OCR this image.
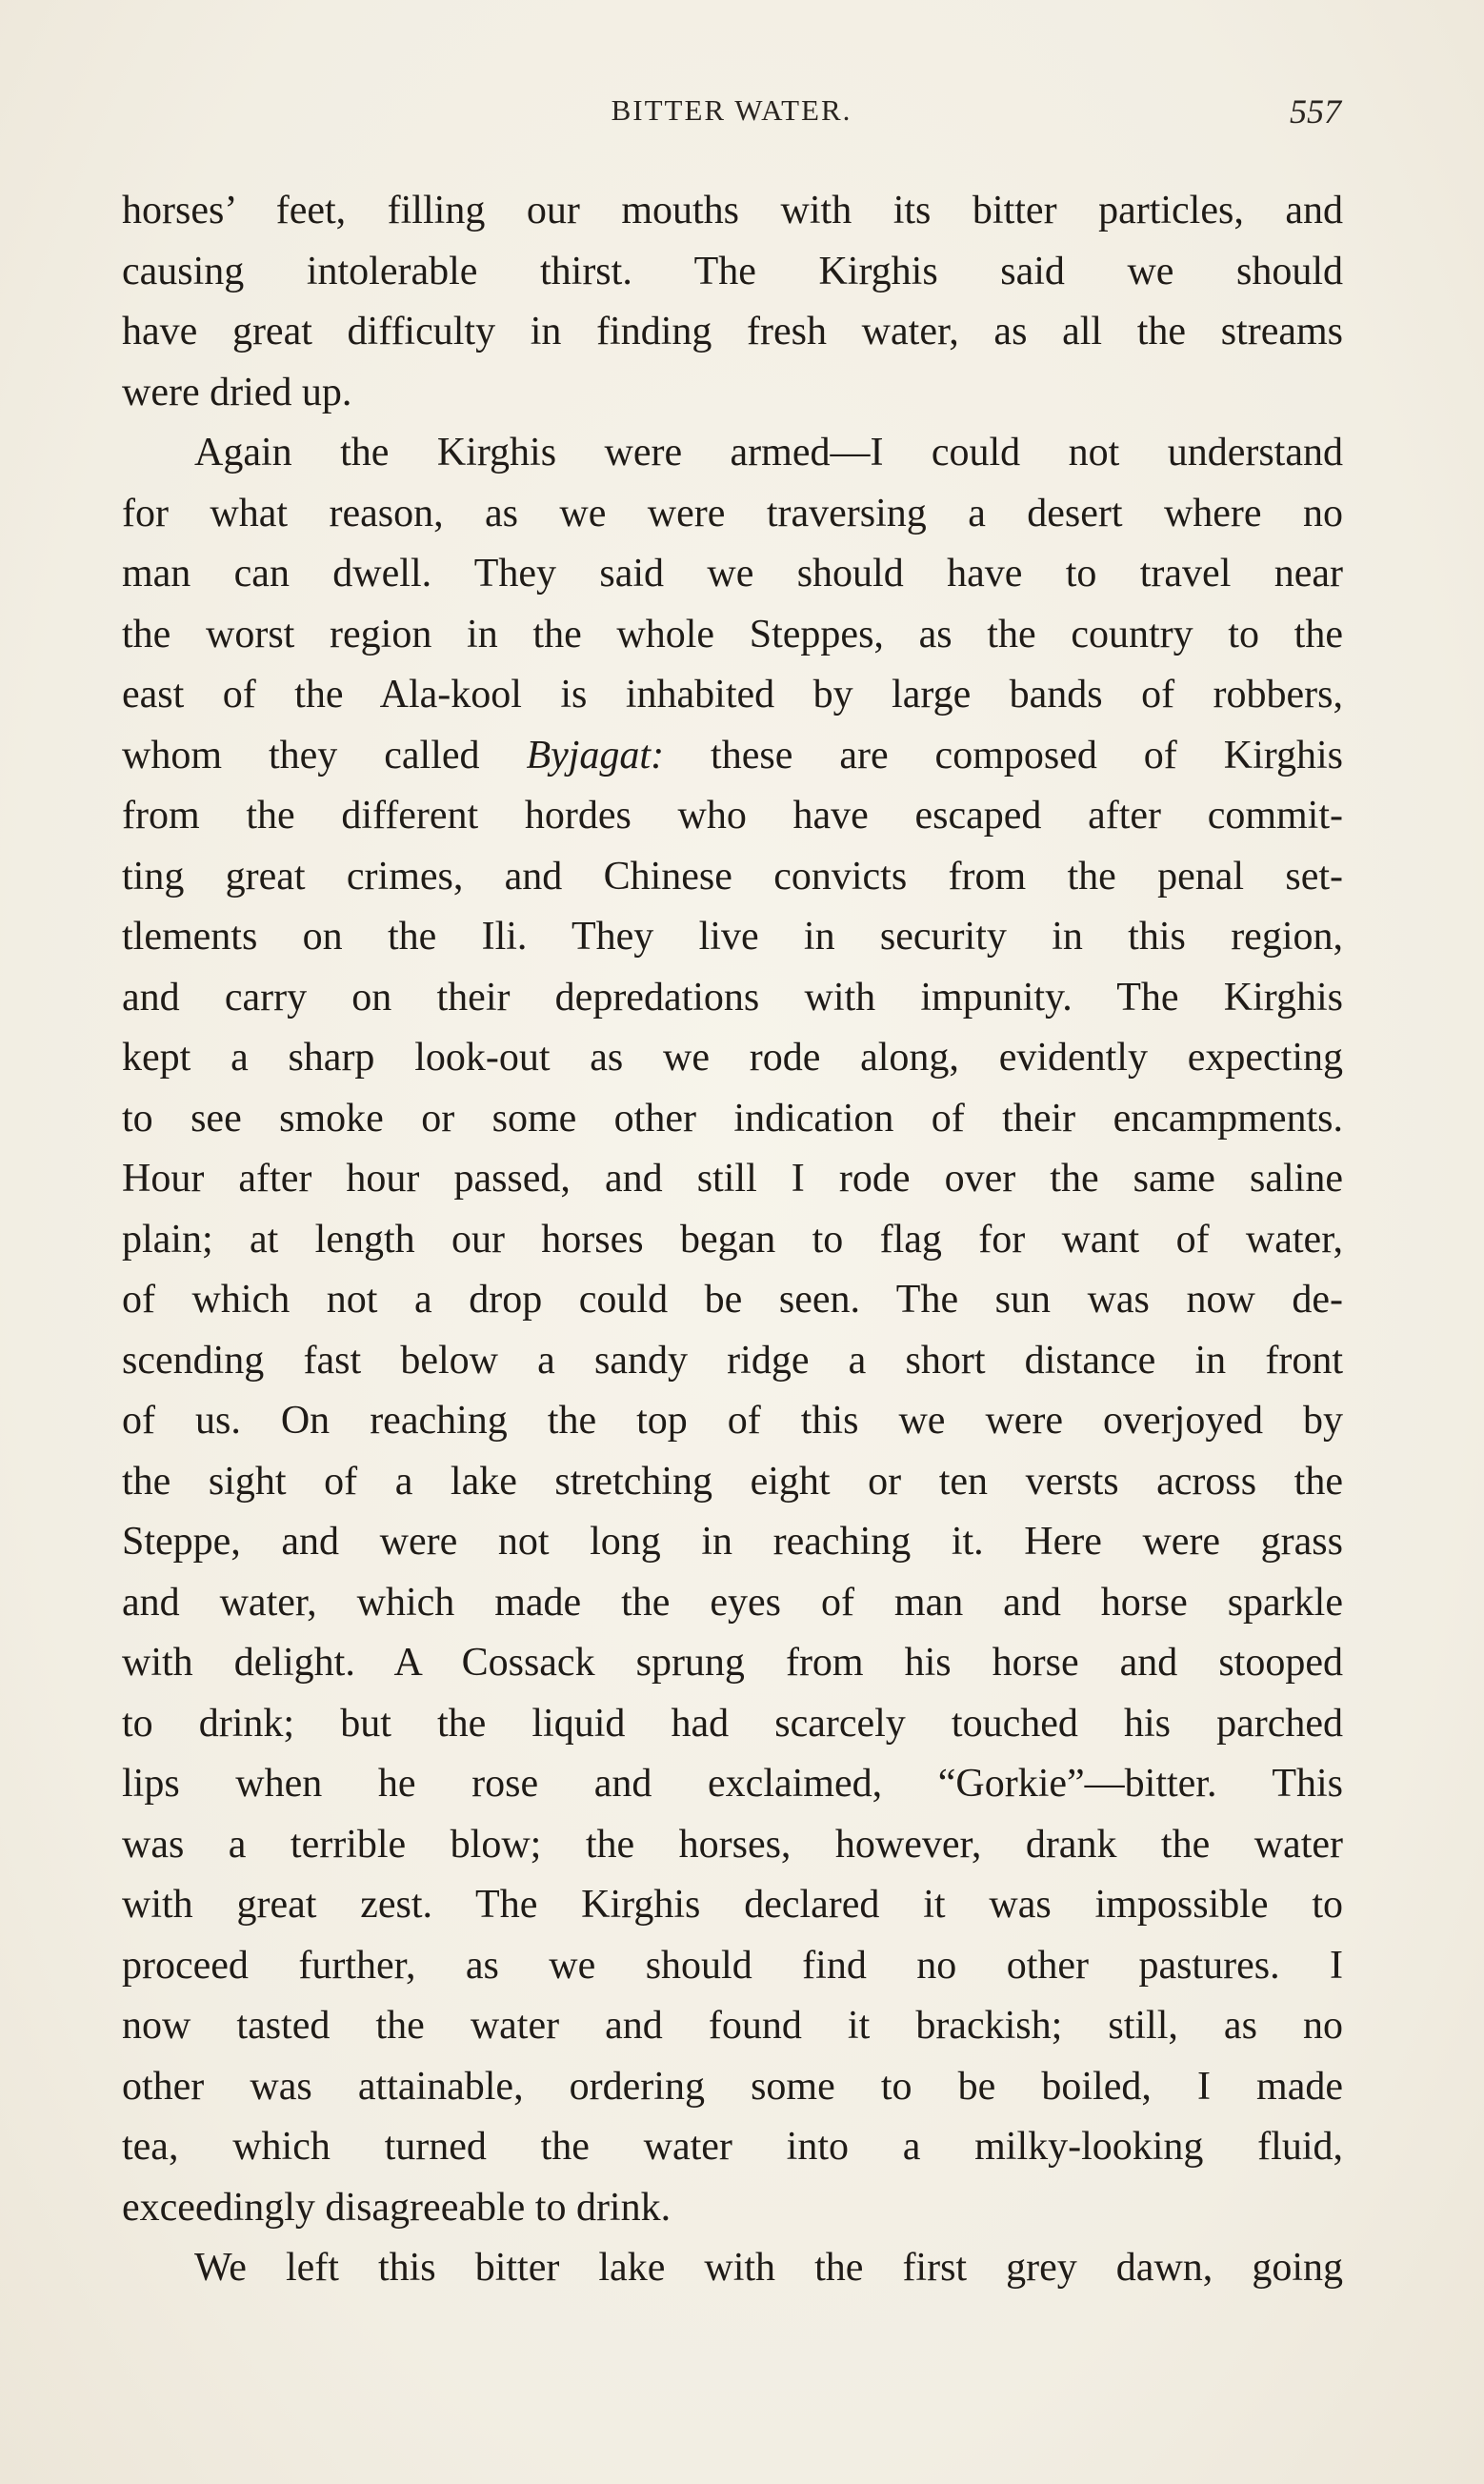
BITTER WATER.	557
horses’ feet, filling our mouths with its bitter particles, and
causing intolerable thirst. The Kirghis said we should
have great difficulty in finding fresh water, as all the streams
were dried up.
Again the Kirghis were armed—I could not understand
for what reason, as we were traversing a desert where no
man can dwell. They said we should have to travel near
the worst region in the whole Steppes, as the country to the
east of the Ala-kool is inhabited by large bands of robbers,
whom they called Byjagat: these are composed of Kirghis
from the different hordes who have escaped after commit-
ting great crimes, and Chinese convicts from the penal set-
tlements on the Ili. They live in security in this region,
and carry on their depredations with impunity. The Kirghis
kept a sharp look-out as we rode along, evidently expecting
to see smoke or some other indication of their encampments.
Hour after hour passed, and still I rode over the same saline
plain; at length our horses began to flag for want of water,
of which not a drop could be seen. The sun was now de-
scending fast below a sandy ridge a short distance in front
of us. On reaching the top of this we were overjoyed by
the sight of a lake stretching eight or ten versts across the
Steppe, and were not long in reaching it. Here were grass
and water, which made the eyes of man and horse sparkle
with delight. A Cossack sprung from his horse and stooped
to drink; but the liquid had scarcely touched his parched
lips when he rose and exclaimed, “Gorkie”—bitter. This
was a terrible blow; the horses, however, drank the water
with great zest. The Kirghis declared it was impossible to
proceed further, as we should find no other pastures. I
now tasted the water and found it brackish; still, as no
other was attainable, ordering some to be boiled, I made
tea, which turned the water into a milky-looking fluid,
exceedingly disagreeable to drink.
We left this bitter lake with the first grey dawn, going
